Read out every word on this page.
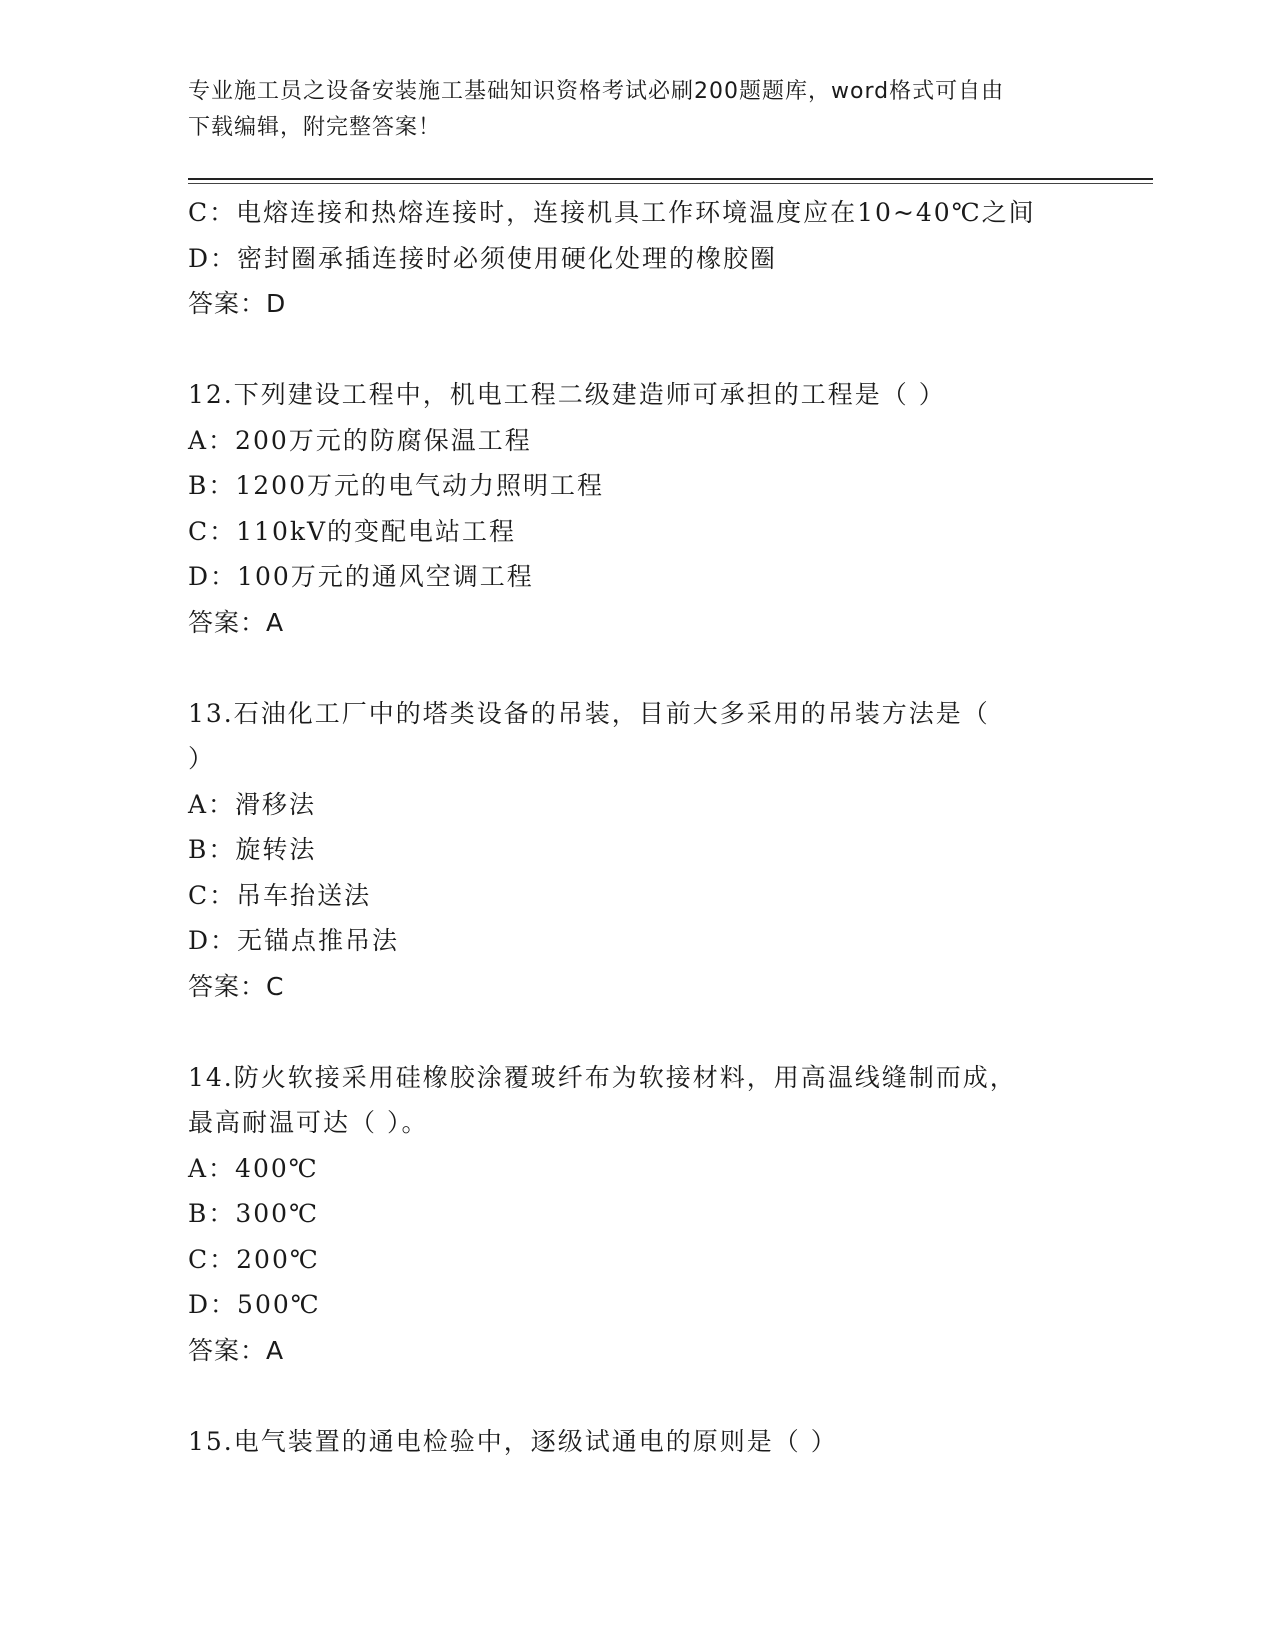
专业施工员之设备安装施工基础知识资格考试必刷200题题库，word格式可自由
下载编辑，附完整答案！
C：电熔连接和热熔连接时，连接机具工作环境温度应在10~40℃之间
D：密封圈承插连接时必须使用硬化处理的橡胶圈
答案：D
12.下列建设工程中，机电工程二级建造师可承担的工程是（ ）
A：200万元的防腐保温工程
B：1200万元的电气动力照明工程
C：110kV的变配电站工程
D：100万元的通风空调工程
答案：A
13.石油化工厂中的塔类设备的吊装，目前大多采用的吊装方法是（
）
A：滑移法
B：旋转法
C：吊车抬送法
D：无锚点推吊法
答案：C
14.防火软接采用硅橡胶涂覆玻纤布为软接材料，用高温线缝制而成，
最高耐温可达（ ）。
A：400℃
B：300℃
C：200℃
D：500℃
答案：A
15.电气装置的通电检验中，逐级试通电的原则是（ ）
